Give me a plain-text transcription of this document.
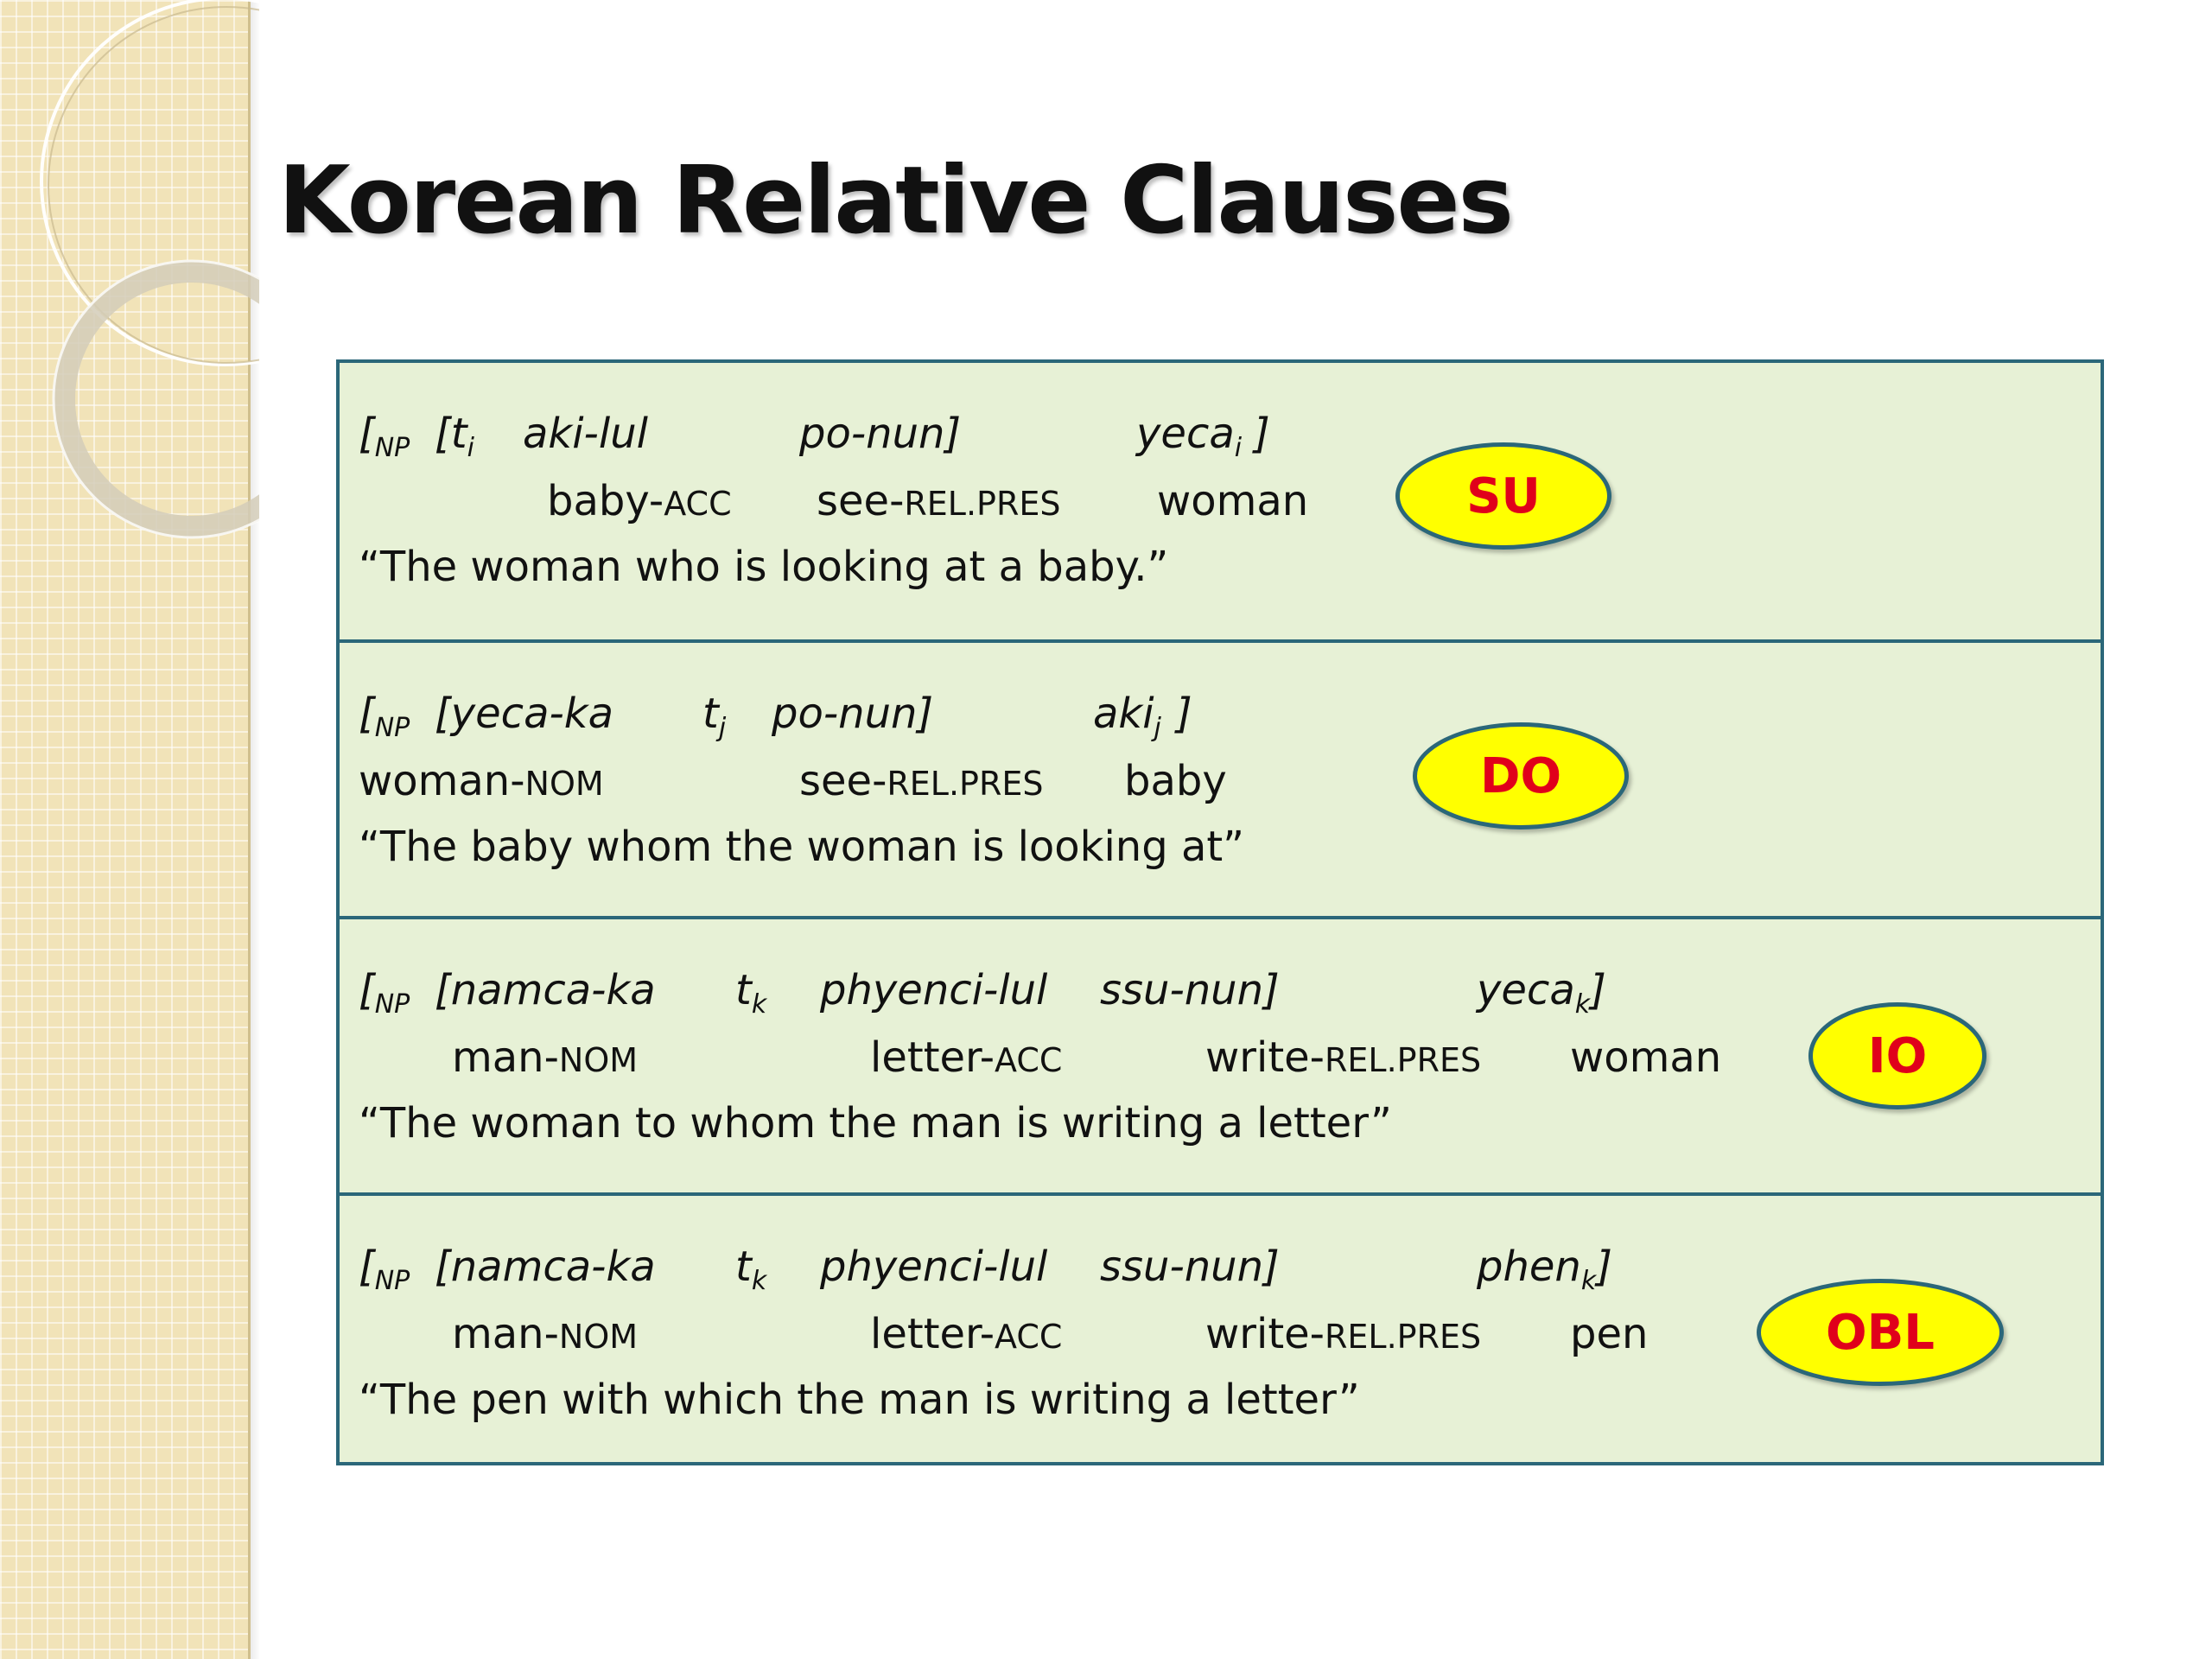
Korean Relative Clauses
[$_{NP}$ [$t_i$ aki-lul	po-nun]	yeca$_i$ ]
baby-ACC see-REL.PRES woman
“The woman who is looking at a baby.”
SU
[$_{NP}$ [yeca-ka $t_j$ po-nun]	aki$_j$ ]
woman-NOM	see-REL.PRES baby
“The baby whom the woman is looking at”
DO
[$_{NP}$ [namca-ka $t_k$ phyenci-lul ssu-nun]	yeca$_k$]
man-NOM	letter-ACC	write-REL.PRES woman
“The woman to whom the man is writing a letter”
IO
[$_{NP}$ [namca-ka $t_k$ phyenci-lul ssu-nun]	phen$_k$]
man-NOM	letter-ACC	write-REL.PRES pen
“The pen with which the man is writing a letter”
OBL
